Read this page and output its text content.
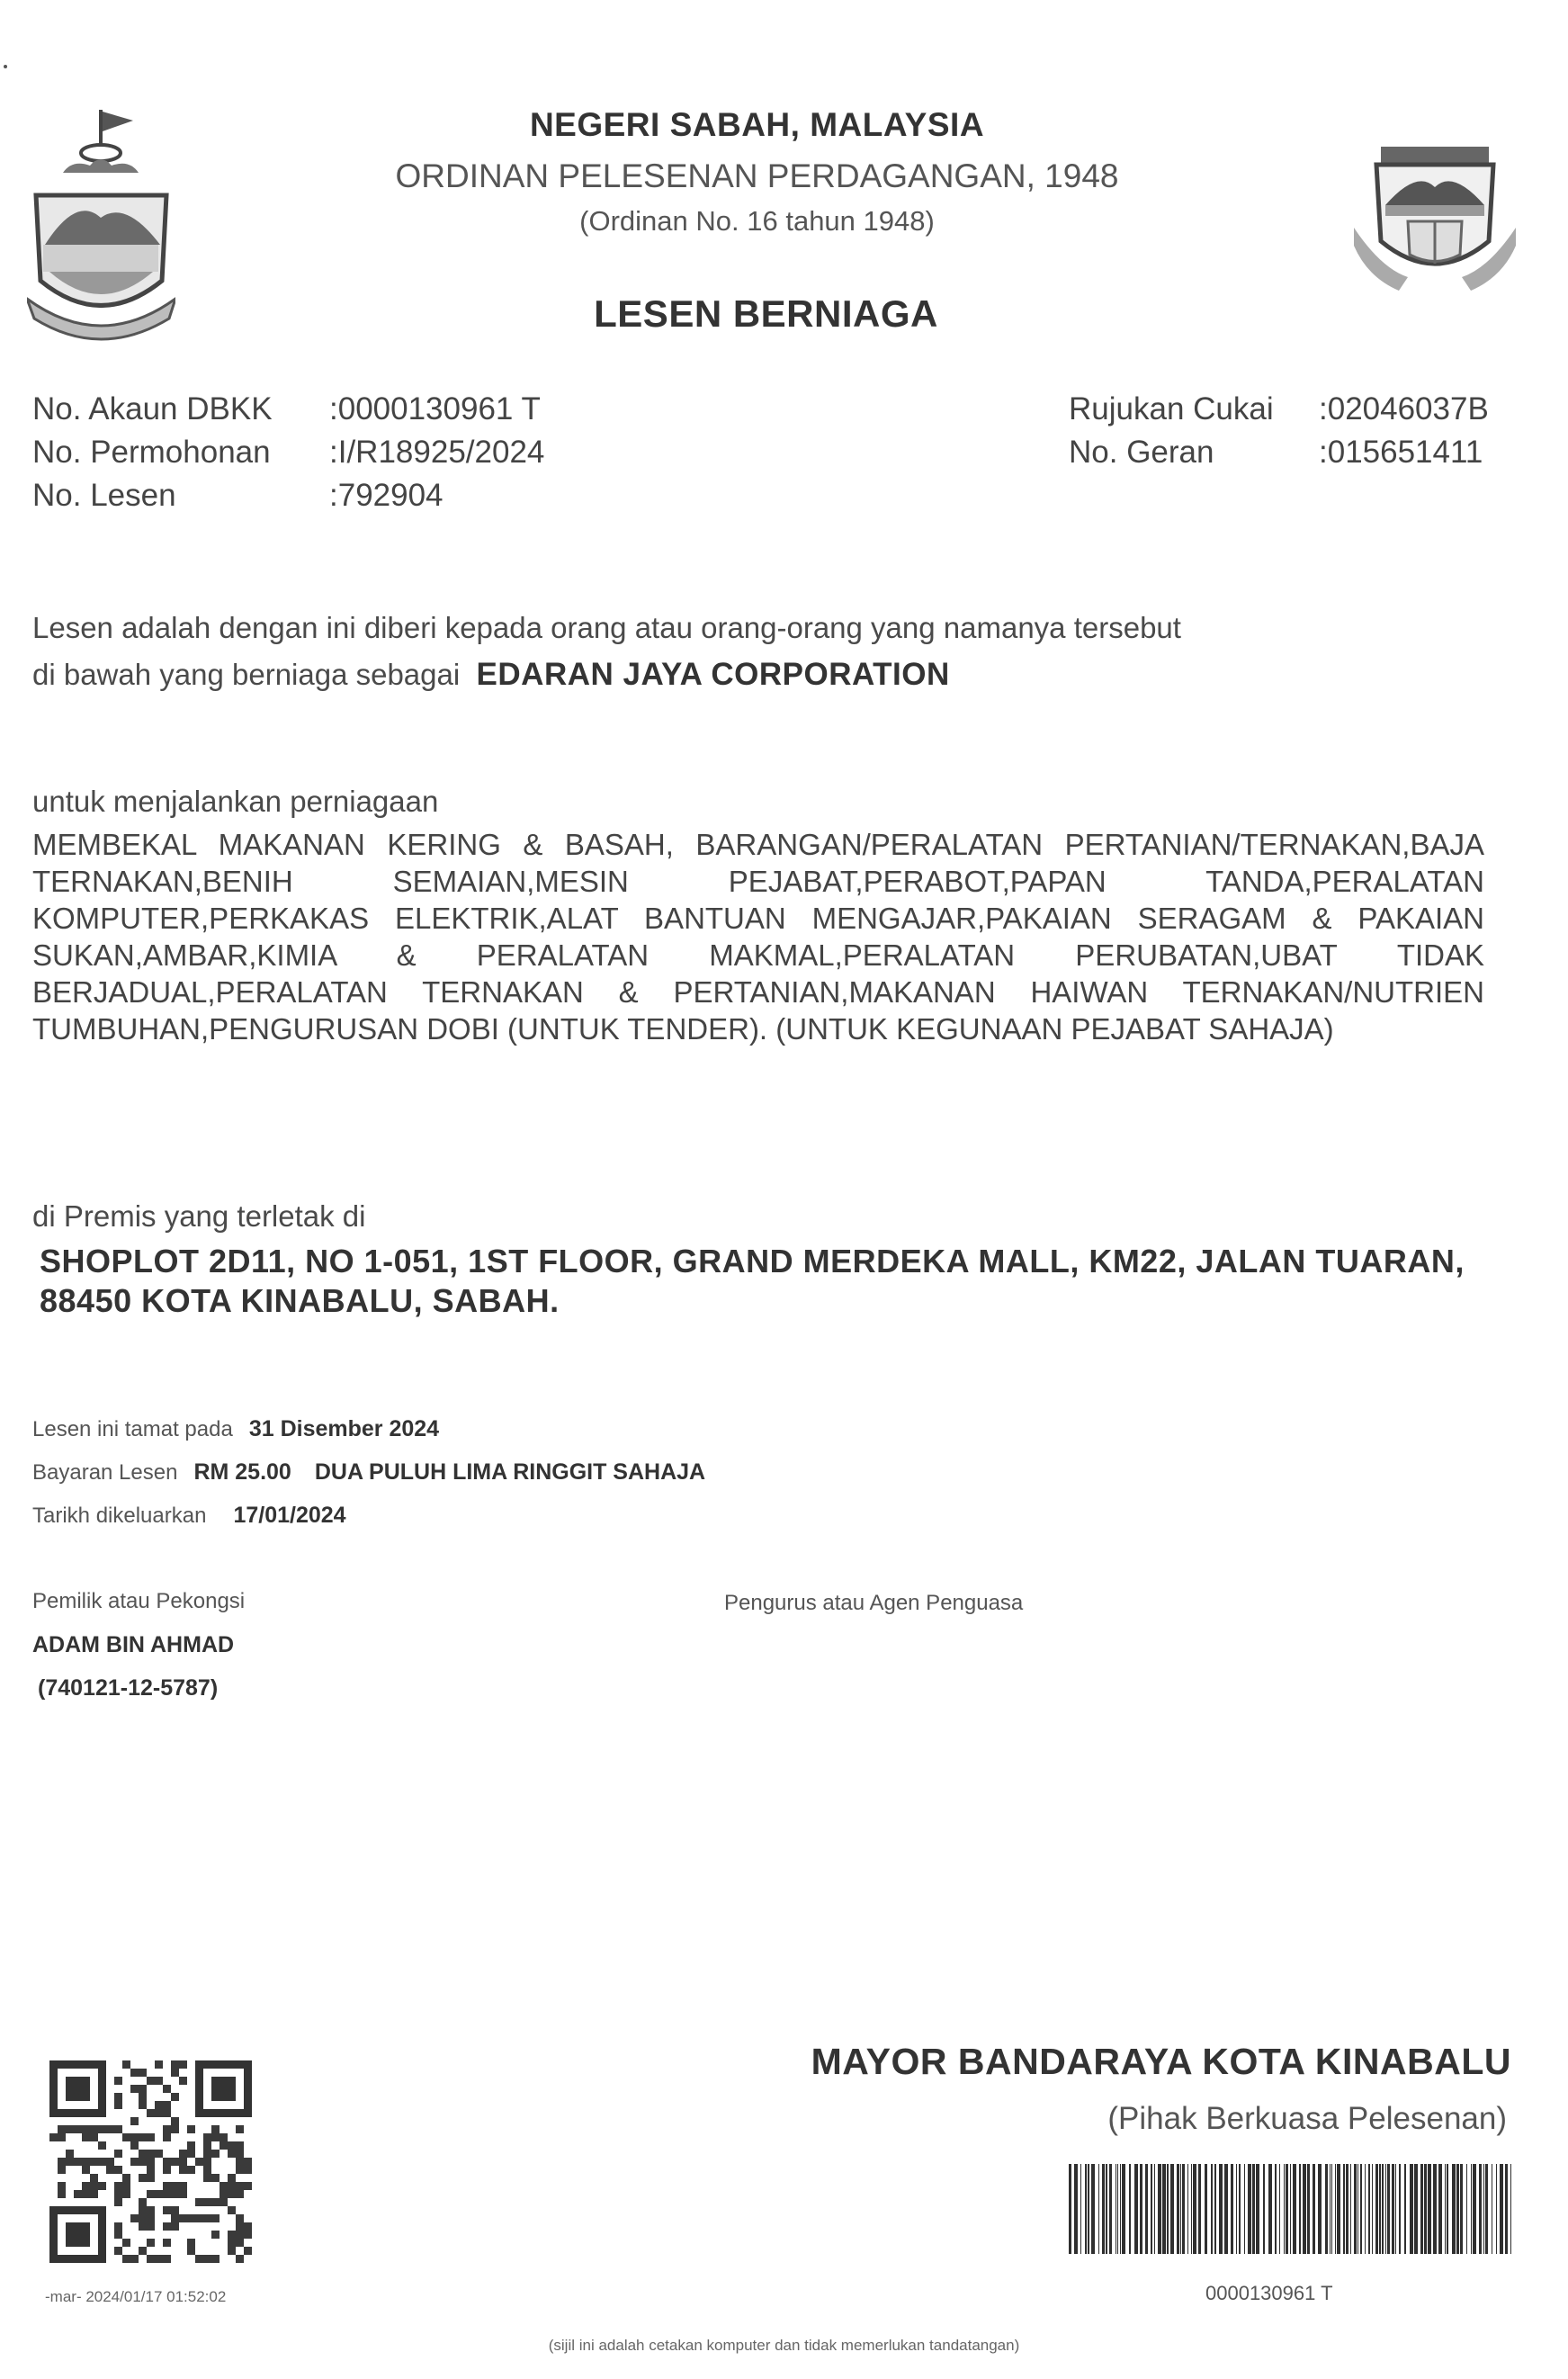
NEGERI SABAH, MALAYSIA
ORDINAN PELESENAN PERDAGANGAN, 1948
(Ordinan No. 16 tahun 1948)
LESEN BERNIAGA
No. Akaun DBKK :0000130961 T
No. Permohonan :I/R18925/2024
No. Lesen	:792904
Rujukan Cukai :02046037B
No. Geran	:015651411
Lesen adalah dengan ini diberi kepada orang atau orang-orang yang namanya tersebut
di bawah yang berniaga sebagai EDARAN JAYA CORPORATION
untuk menjalankan perniagaan
MEMBEKAL MAKANAN KERING & BASAH, BARANGAN/PERALATAN PERTANIAN/TERNAKAN,BAJA TERNAKAN,BENIH SEMAIAN,MESIN PEJABAT,PERABOT,PAPAN TANDA,PERALATAN KOMPUTER,PERKAKAS ELEKTRIK,ALAT BANTUAN MENGAJAR,PAKAIAN SERAGAM & PAKAIAN SUKAN,AMBAR,KIMIA & PERALATAN MAKMAL,PERALATAN PERUBATAN,UBAT TIDAK BERJADUAL,PERALATAN TERNAKAN & PERTANIAN,MAKANAN HAIWAN TERNAKAN/NUTRIEN TUMBUHAN,PENGURUSAN DOBI (UNTUK TENDER). (UNTUK KEGUNAAN PEJABAT SAHAJA)
di Premis yang terletak di
SHOPLOT 2D11, NO 1-051, 1ST FLOOR, GRAND MERDEKA MALL, KM22, JALAN TUARAN, 88450 KOTA KINABALU, SABAH.
Lesen ini tamat pada 31 Disember 2024
Bayaran Lesen RM 25.00 DUA PULUH LIMA RINGGIT SAHAJA
Tarikh dikeluarkan 17/01/2024
Pemilik atau Pekongsi
ADAM BIN AHMAD
(740121-12-5787)
Pengurus atau Agen Penguasa
MAYOR BANDARAYA KOTA KINABALU
(Pihak Berkuasa Pelesenan)
0000130961 T
-mar- 2024/01/17 01:52:02
(sijil ini adalah cetakan komputer dan tidak memerlukan tandatangan)
